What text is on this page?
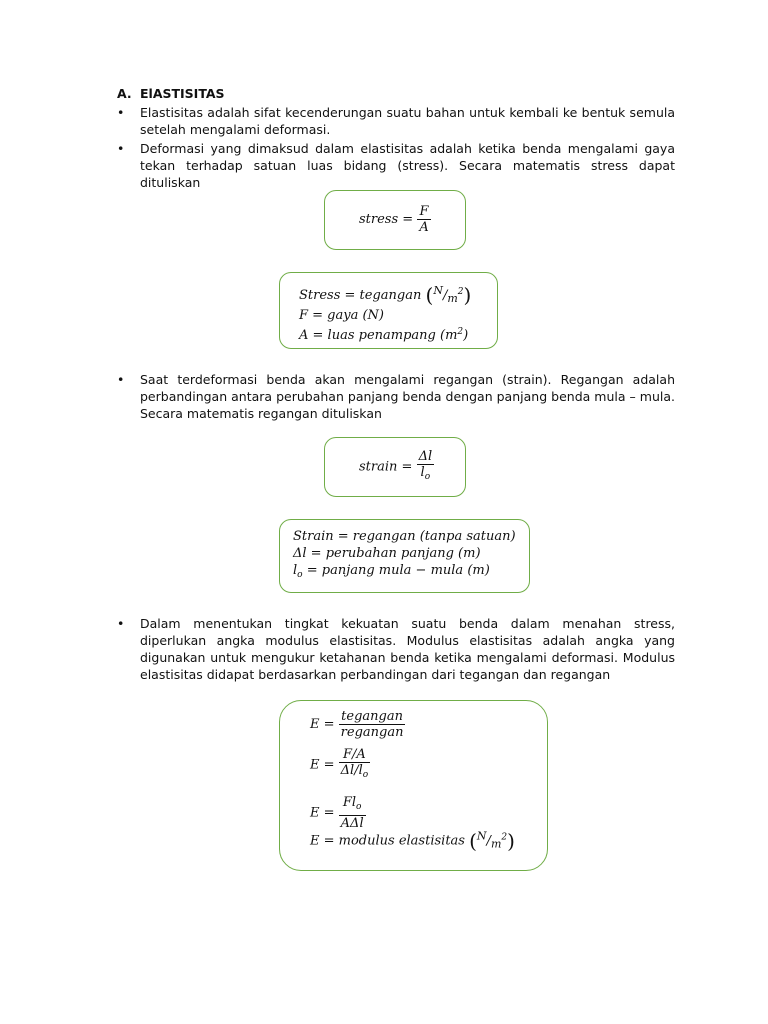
A. ElASTISITAS
•	Elastisitas adalah sifat kecenderungan suatu bahan untuk kembali ke bentuk semula setelah mengalami deformasi.
•	Deformasi yang dimaksud dalam elastisitas adalah ketika benda mengalami gaya tekan terhadap satuan luas bidang (stress). Secara matematis stress dapat dituliskan
stress = $\frac{F}{A}$
Stress = tegangan $(^N/_m^2)$
F = gaya (N)
A = luas penampang $(m^2)$
•	Saat terdeformasi benda akan mengalami regangan (strain). Regangan adalah perbandingan antara perubahan panjang benda dengan panjang benda mula – mula. Secara matematis regangan dituliskan
strain = $\frac{\Delta l}{l_o}$
Strain = regangan (tanpa satuan)
Δl = perubahan panjang (m)
$l_o$ = panjang mula − mula (m)
•	Dalam menentukan tingkat kekuatan suatu benda dalam menahan stress, diperlukan angka modulus elastisitas. Modulus elastisitas adalah angka yang digunakan untuk mengukur ketahanan benda ketika mengalami deformasi. Modulus elastisitas didapat berdasarkan perbandingan dari tegangan dan regangan
$E = \frac{\text{tegangan}}{\text{regangan}}$
$E = \frac{F/A}{\Delta l/l_o}$
$E = \frac{Fl_o}{\text{AΔl}}$
E = modulus elastisitas $(^N/_m^2)$
